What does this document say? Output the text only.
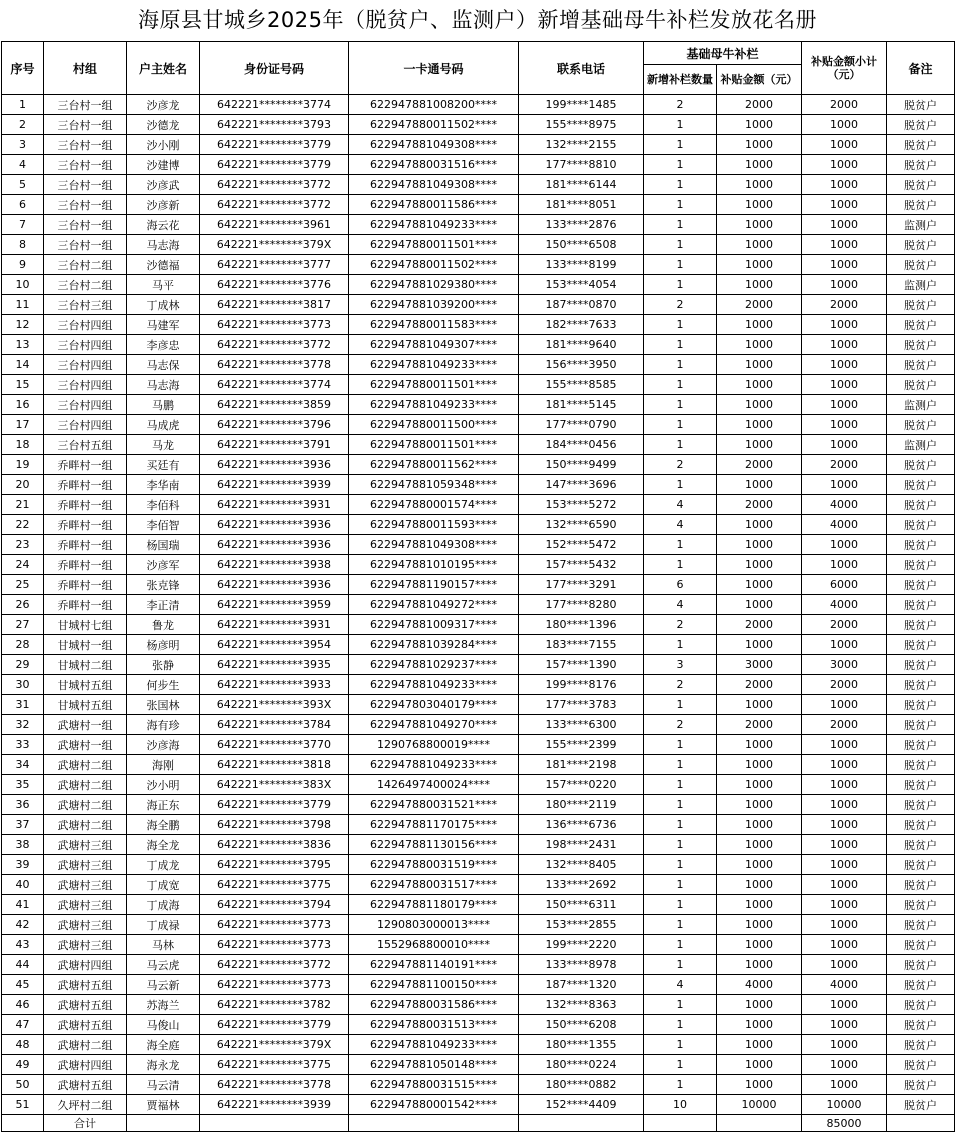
海原县甘城乡2025年（脱贫户、监测户）新增基础母牛补栏发放花名册
序号	村组	户主姓名	身份证号码	一卡通号码	联系电话	基础母牛补栏		补贴金额小计（元）	备注
						新增补栏数量	补贴金额（元）		
1	三台村一组	沙彦龙	642221********3774	622947881008200****	199****1485	2	2000	2000	脱贫户
2	三台村一组	沙德龙	642221********3793	622947880011502****	155****8975	1	1000	1000	脱贫户
3	三台村一组	沙小刚	642221********3779	622947881049308****	132****2155	1	1000	1000	脱贫户
4	三台村一组	沙建博	642221********3779	622947880031516****	177****8810	1	1000	1000	脱贫户
5	三台村一组	沙彦武	642221********3772	622947881049308****	181****6144	1	1000	1000	脱贫户
6	三台村一组	沙彦新	642221********3772	622947880011586****	181****8051	1	1000	1000	脱贫户
7	三台村一组	海云花	642221********3961	622947881049233****	133****2876	1	1000	1000	监测户
8	三台村一组	马志海	642221********379X	622947880011501****	150****6508	1	1000	1000	脱贫户
9	三台村二组	沙德福	642221********3777	622947880011502****	133****8199	1	1000	1000	脱贫户
10	三台村二组	马平	642221********3776	622947881029380****	153****4054	1	1000	1000	监测户
11	三台村三组	丁成林	642221********3817	622947881039200****	187****0870	2	2000	2000	脱贫户
12	三台村四组	马建军	642221********3773	622947880011583****	182****7633	1	1000	1000	脱贫户
13	三台村四组	李彦忠	642221********3772	622947881049307****	181****9640	1	1000	1000	脱贫户
14	三台村四组	马志保	642221********3778	622947881049233****	156****3950	1	1000	1000	脱贫户
15	三台村四组	马志海	642221********3774	622947880011501****	155****8585	1	1000	1000	脱贫户
16	三台村四组	马鹏	642221********3859	622947881049233****	181****5145	1	1000	1000	监测户
17	三台村四组	马成虎	642221********3796	622947880011500****	177****0790	1	1000	1000	脱贫户
18	三台村五组	马龙	642221********3791	622947880011501****	184****0456	1	1000	1000	监测户
19	乔畔村一组	买廷有	642221********3936	622947880011562****	150****9499	2	2000	2000	脱贫户
20	乔畔村一组	李华南	642221********3939	622947881059348****	147****3696	1	1000	1000	脱贫户
21	乔畔村一组	李佰科	642221********3931	622947880001574****	153****5272	4	2000	4000	脱贫户
22	乔畔村一组	李佰智	642221********3936	622947880011593****	132****6590	4	1000	4000	脱贫户
23	乔畔村一组	杨国瑞	642221********3936	622947881049308****	152****5472	1	1000	1000	脱贫户
24	乔畔村一组	沙彦军	642221********3938	622947881010195****	157****5432	1	1000	1000	脱贫户
25	乔畔村一组	张克锋	642221********3936	622947881190157****	177****3291	6	1000	6000	脱贫户
26	乔畔村一组	李正清	642221********3959	622947881049272****	177****8280	4	1000	4000	脱贫户
27	甘城村七组	鲁龙	642221********3931	622947881009317****	180****1396	2	2000	2000	脱贫户
28	甘城村一组	杨彦明	642221********3954	622947881039284****	183****7155	1	1000	1000	脱贫户
29	甘城村二组	张静	642221********3935	622947881029237****	157****1390	3	3000	3000	脱贫户
30	甘城村五组	何步生	642221********3933	622947881049233****	199****8176	2	2000	2000	脱贫户
31	甘城村五组	张国林	642221********393X	622947803040179****	177****3783	1	1000	1000	脱贫户
32	武塘村一组	海有珍	642221********3784	622947881049270****	133****6300	2	2000	2000	脱贫户
33	武塘村一组	沙彦海	642221********3770	1290768800019****	155****2399	1	1000	1000	脱贫户
34	武塘村二组	海刚	642221********3818	622947881049233****	181****2198	1	1000	1000	脱贫户
35	武塘村二组	沙小明	642221********383X	1426497400024****	157****0220	1	1000	1000	脱贫户
36	武塘村二组	海正东	642221********3779	622947880031521****	180****2119	1	1000	1000	脱贫户
37	武塘村二组	海全鹏	642221********3798	622947881170175****	136****6736	1	1000	1000	脱贫户
38	武塘村三组	海全龙	642221********3836	622947881130156****	198****2431	1	1000	1000	脱贫户
39	武塘村三组	丁成龙	642221********3795	622947880031519****	132****8405	1	1000	1000	脱贫户
40	武塘村三组	丁成宽	642221********3775	622947880031517****	133****2692	1	1000	1000	脱贫户
41	武塘村三组	丁成海	642221********3794	622947881180179****	150****6311	1	1000	1000	脱贫户
42	武塘村三组	丁成禄	642221********3773	1290803000013****	153****2855	1	1000	1000	脱贫户
43	武塘村三组	马林	642221********3773	1552968800010****	199****2220	1	1000	1000	脱贫户
44	武塘村四组	马云虎	642221********3772	622947881140191****	133****8978	1	1000	1000	脱贫户
45	武塘村五组	马云新	642221********3773	622947881100150****	187****1320	4	4000	4000	脱贫户
46	武塘村五组	苏海兰	642221********3782	622947880031586****	132****8363	1	1000	1000	脱贫户
47	武塘村五组	马俊山	642221********3779	622947880031513****	150****6208	1	1000	1000	脱贫户
48	武塘村二组	海全庭	642221********379X	622947881049233****	180****1355	1	1000	1000	脱贫户
49	武塘村四组	海永龙	642221********3775	622947881050148****	180****0224	1	1000	1000	脱贫户
50	武塘村五组	马云清	642221********3778	622947880031515****	180****0882	1	1000	1000	脱贫户
51	久坪村二组	贾福林	642221********3939	622947880001542****	152****4409	10	10000	10000	脱贫户
	合计							85000	
